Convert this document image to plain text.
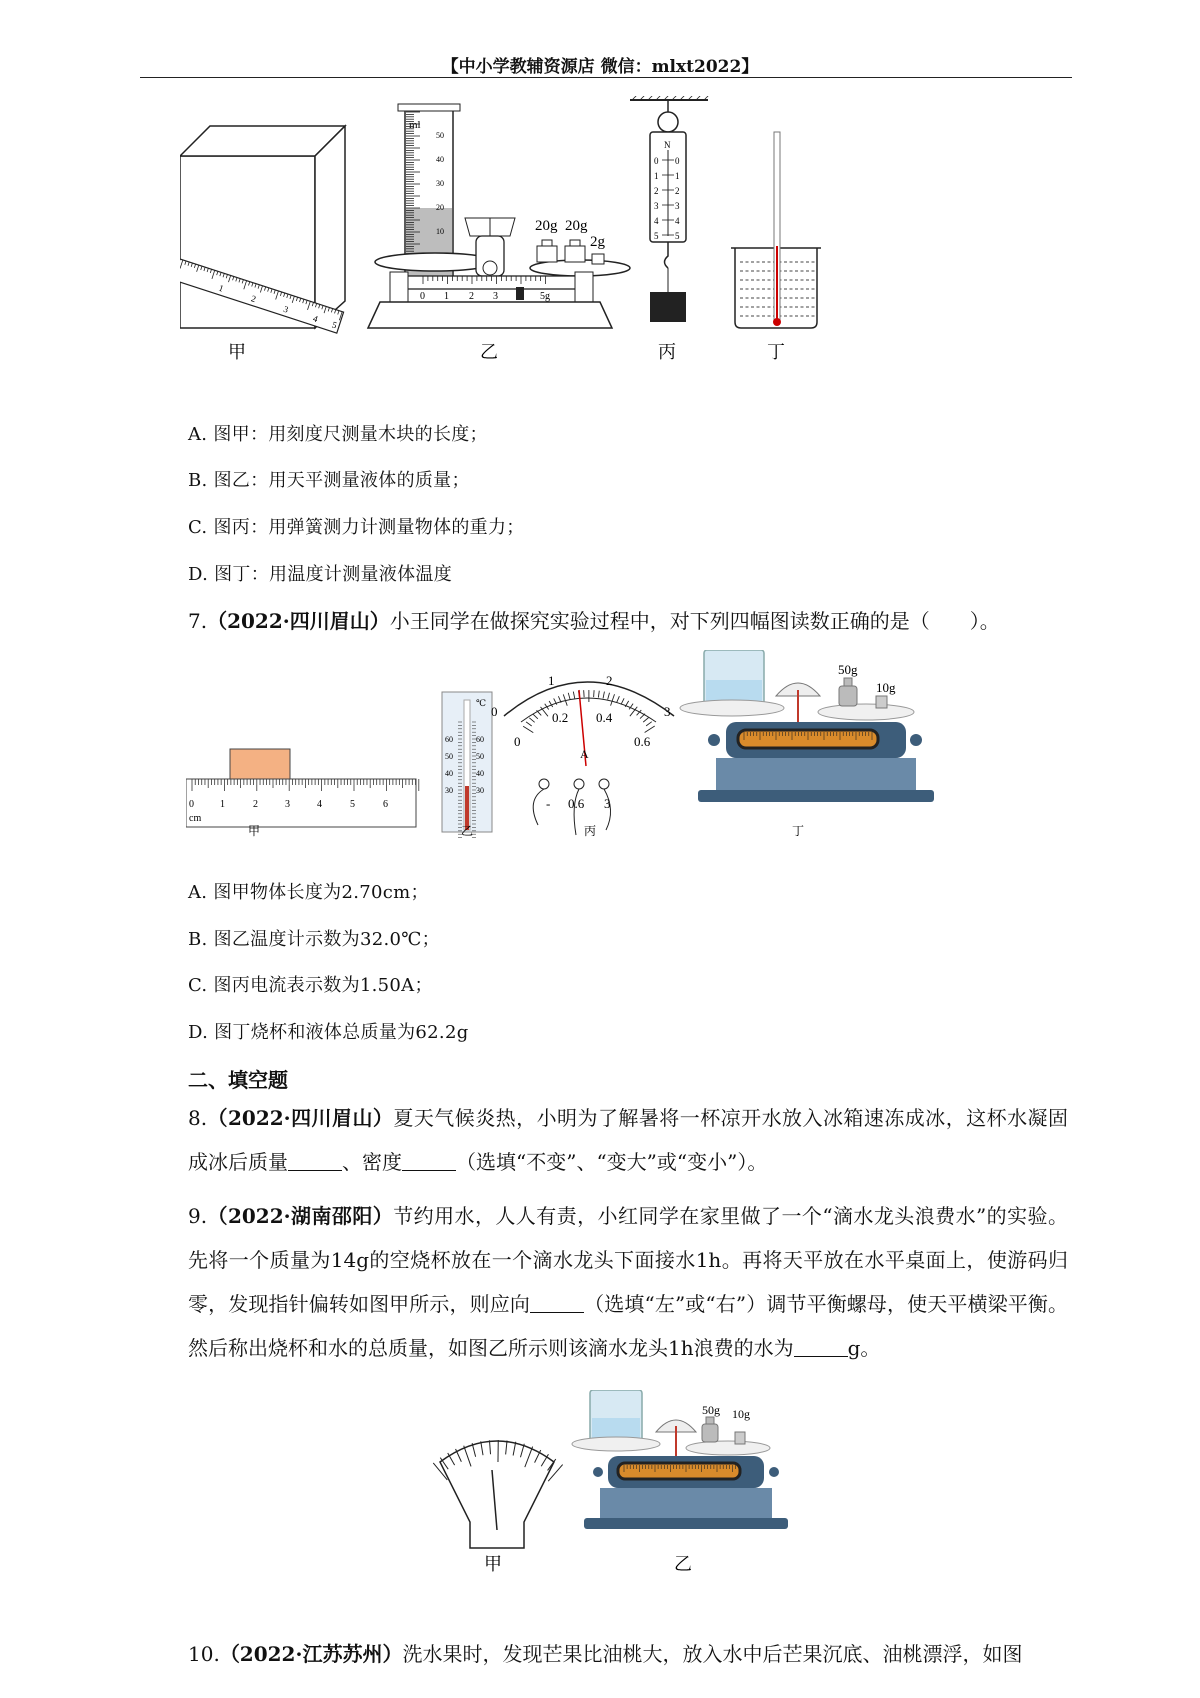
【中小学教辅资源店 微信：mlxt2022】
1
2
3
4
5
ml
50
40
30
20
10	20g 20g
2g
0 1 2 3	5g
N
0 0
1 1
2 2
3 3
4 4
5 5
甲	乙	丙	丁
A. 图甲：用刻度尺测量木块的长度；
B. 图乙：用天平测量液体的质量；
C. 图丙：用弹簧测力计测量物体的重力；
D. 图丁：用温度计测量液体温度
7.（2022·四川眉山）小王同学在做探究实验过程中，对下列四幅图读数正确的是（　　）。
0	1	2	3	4	5	6
cm
℃
60
50
40
30
60
50
40
30
0
1	2
3
0
0.2 0.4
0.6
A
- 0.6 3
50g
10g
甲	乙	丙	丁
A. 图甲物体长度为2.70cm；
B. 图乙温度计示数为32.0℃；
C. 图丙电流表示数为1.50A；
D. 图丁烧杯和液体总质量为62.2g
二、填空题
8.（2022·四川眉山）夏天气候炎热，小明为了解暑将一杯凉开水放入冰箱速冻成冰，这杯水凝固成冰后质量	、密度	（选填“不变”、“变大”或“变小”）。
9.（2022·湖南邵阳）节约用水，人人有责，小红同学在家里做了一个“滴水龙头浪费水”的实验。先将一个质量为14g的空烧杯放在一个滴水龙头下面接水1h。再将天平放在水平桌面上，使游码归零，发现指针偏转如图甲所示，则应向	（选填“左”或“右”）调节平衡螺母，使天平横梁平衡。然后称出烧杯和水的总质量，如图乙所示则该滴水龙头1h浪费的水为	g。
50g 10g
甲	乙
10.（2022·江苏苏州）洗水果时，发现芒果比油桃大，放入水中后芒果沉底、油桃漂浮，如图
